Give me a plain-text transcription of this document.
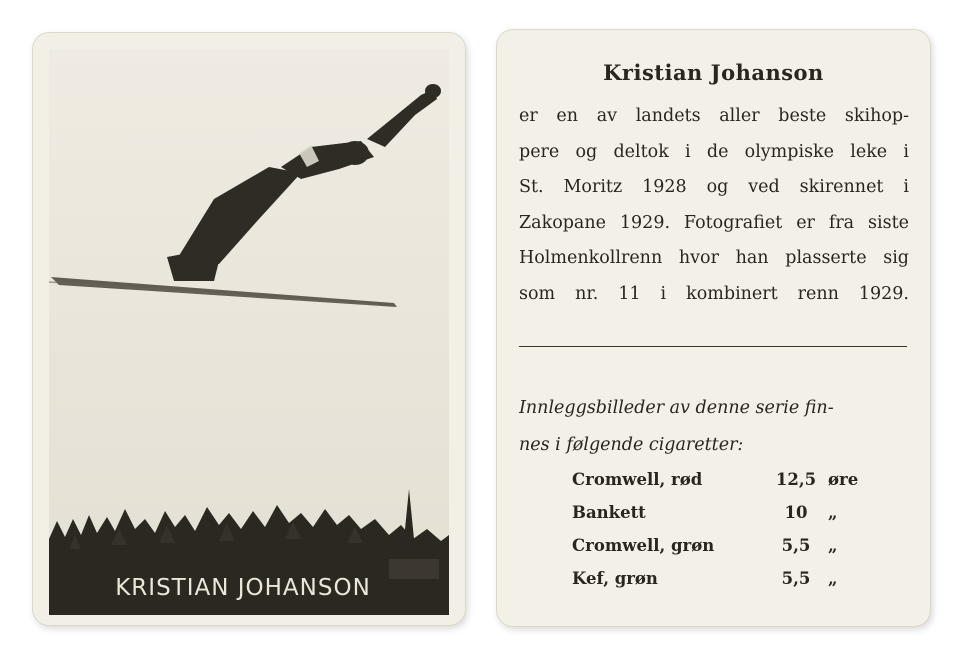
KRISTIAN JOHANSON
Kristian Johanson
er en av landets aller beste skihop-
pere og deltok i de olympiske leke i
St. Moritz 1928 og ved skirennet i
Zakopane 1929. Fotografiet er fra siste
Holmenkollrenn hvor han plasserte sig
som nr. 11 i kombinert renn 1929.
Innleggsbilleder av denne serie fin-
nes i følgende cigaretter:
Cromwell, rød	12,5 øre
Bankett	10	„
Cromwell, grøn	5,5	„
Kef, grøn	5,5	„
